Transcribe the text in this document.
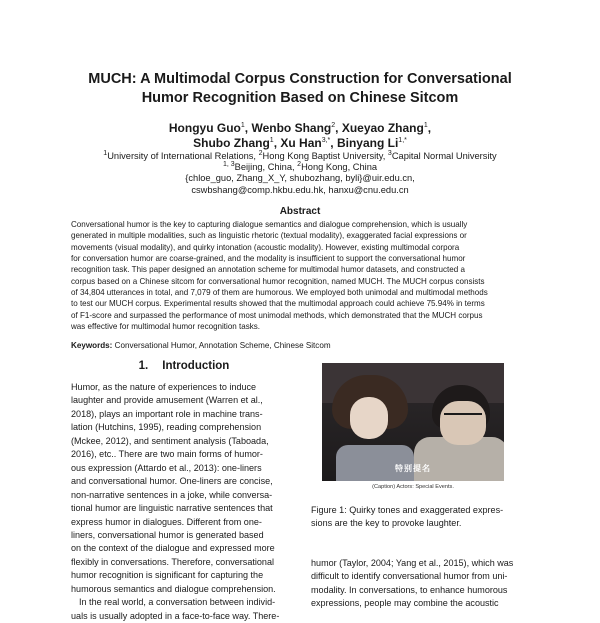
MUCH: A Multimodal Corpus Construction for Conversational
Humor Recognition Based on Chinese Sitcom
Hongyu Guo$^1$, Wenbo Shang$^2$, Xueyao Zhang$^1$,
Shubo Zhang$^1$, Xu Han$^{3,*}$, Binyang $Li^{1,*}$
$^1$University of International Relations, $^2$Hong Kong Baptist University, $^3$Capital Normal University
$^{1, 3}$Beijing, China, $^2$Hong Kong, China
{chloe_guo, Zhang_X_Y, shubozhang, byli}@uir.edu.cn,
cswbshang@comp.hkbu.edu.hk, hanxu@cnu.edu.cn
Abstract
Conversational humor is the key to capturing dialogue semantics and dialogue comprehension, which is usually
generated in multiple modalities, such as linguistic rhetoric (textual modality), exaggerated facial expressions or
movements (visual modality), and quirky intonation (acoustic modality). However, existing multimodal corpora
for conversation humor are coarse-grained, and the modality is insufficient to support the conversational humor
recognition task. This paper designed an annotation scheme for multimodal humor datasets, and constructed a
corpus based on a Chinese sitcom for conversational humor recognition, named MUCH. The MUCH corpus consists
of 34,804 utterances in total, and 7,079 of them are humorous. We employed both unimodal and multimodal methods
to test our MUCH corpus. Experimental results showed that the multimodal approach could achieve 75.94% in terms
of F1-score and surpassed the performance of most unimodal methods, which demonstrated that the MUCH corpus
was effective for multimodal humor recognition tasks.
Keywords: Conversational Humor, Annotation Scheme, Chinese Sitcom
1. Introduction
Humor, as the nature of experiences to induce
laughter and provide amusement (Warren et al.,
2018), plays an important role in machine trans-
lation (Hutchins, 1995), reading comprehension
(Mckee, 2012), and sentiment analysis (Taboada,
2016), etc.. There are two main forms of humor-
ous expression (Attardo et al., 2013): one-liners
and conversational humor. One-liners are concise,
non-narrative sentences in a joke, while conversa-
tional humor are linguistic narrative sentences that
express humor in dialogues. Different from one-
liners, conversational humor is generated based
on the context of the dialogue and expressed more
flexibly in conversations. Therefore, conversational
humor recognition is significant for capturing the
humorous semantics and dialogue comprehension.
In the real world, a conversation between individ-
uals is usually adopted in a face-to-face way. There-
特别提名
(Caption) Actors: Special Events.
Figure 1: Quirky tones and exaggerated expres-
sions are the key to provoke laughter.
humor (Taylor, 2004; Yang et al., 2015), which was
difficult to identify conversational humor from uni-
modality. In conversations, to enhance humorous
expressions, people may combine the acoustic
